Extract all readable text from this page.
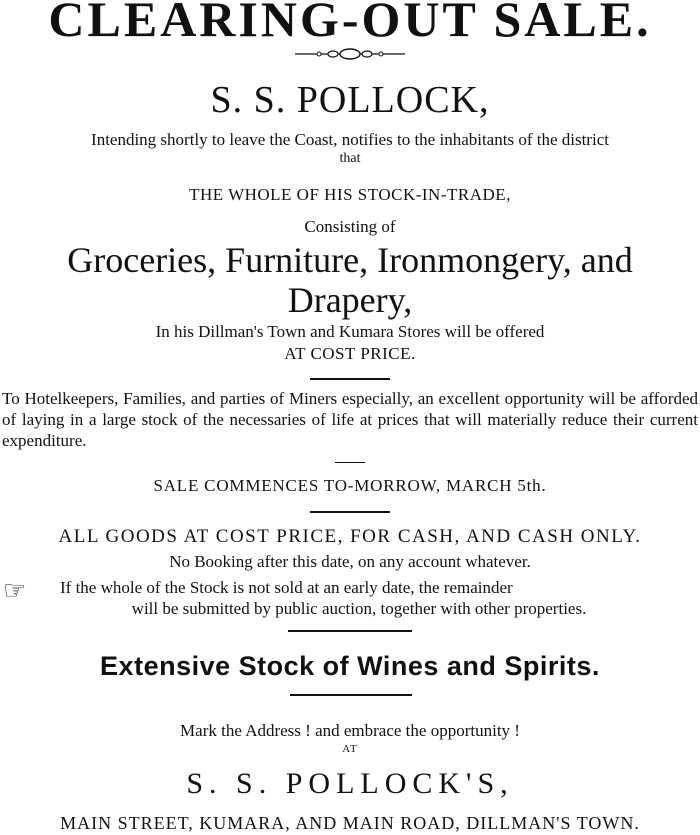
CLEARING-OUT SALE.
S. S. POLLOCK,
Intending shortly to leave the Coast, notifies to the inhabitants of the district
that
THE WHOLE OF HIS STOCK-IN-TRADE,
Consisting of
Groceries, Furniture, Ironmongery, and
Drapery,
In his Dillman's Town and Kumara Stores will be offered
AT COST PRICE.
To Hotelkeepers, Families, and parties of Miners especially, an excellent opportunity will be afforded of laying in a large stock of the necessaries of life at prices that will materially reduce their current expenditure.
SALE COMMENCES TO-MORROW, MARCH 5th.
ALL GOODS AT COST PRICE, FOR CASH, AND CASH ONLY.
No Booking after this date, on any account whatever.
☞ If the whole of the Stock is not sold at an early date, the remainder
will be submitted by public auction, together with other properties.
Extensive Stock of Wines and Spirits.
Mark the Address ! and embrace the opportunity !
AT
S. S. POLLOCK'S,
MAIN STREET, KUMARA, AND MAIN ROAD, DILLMAN'S TOWN.
